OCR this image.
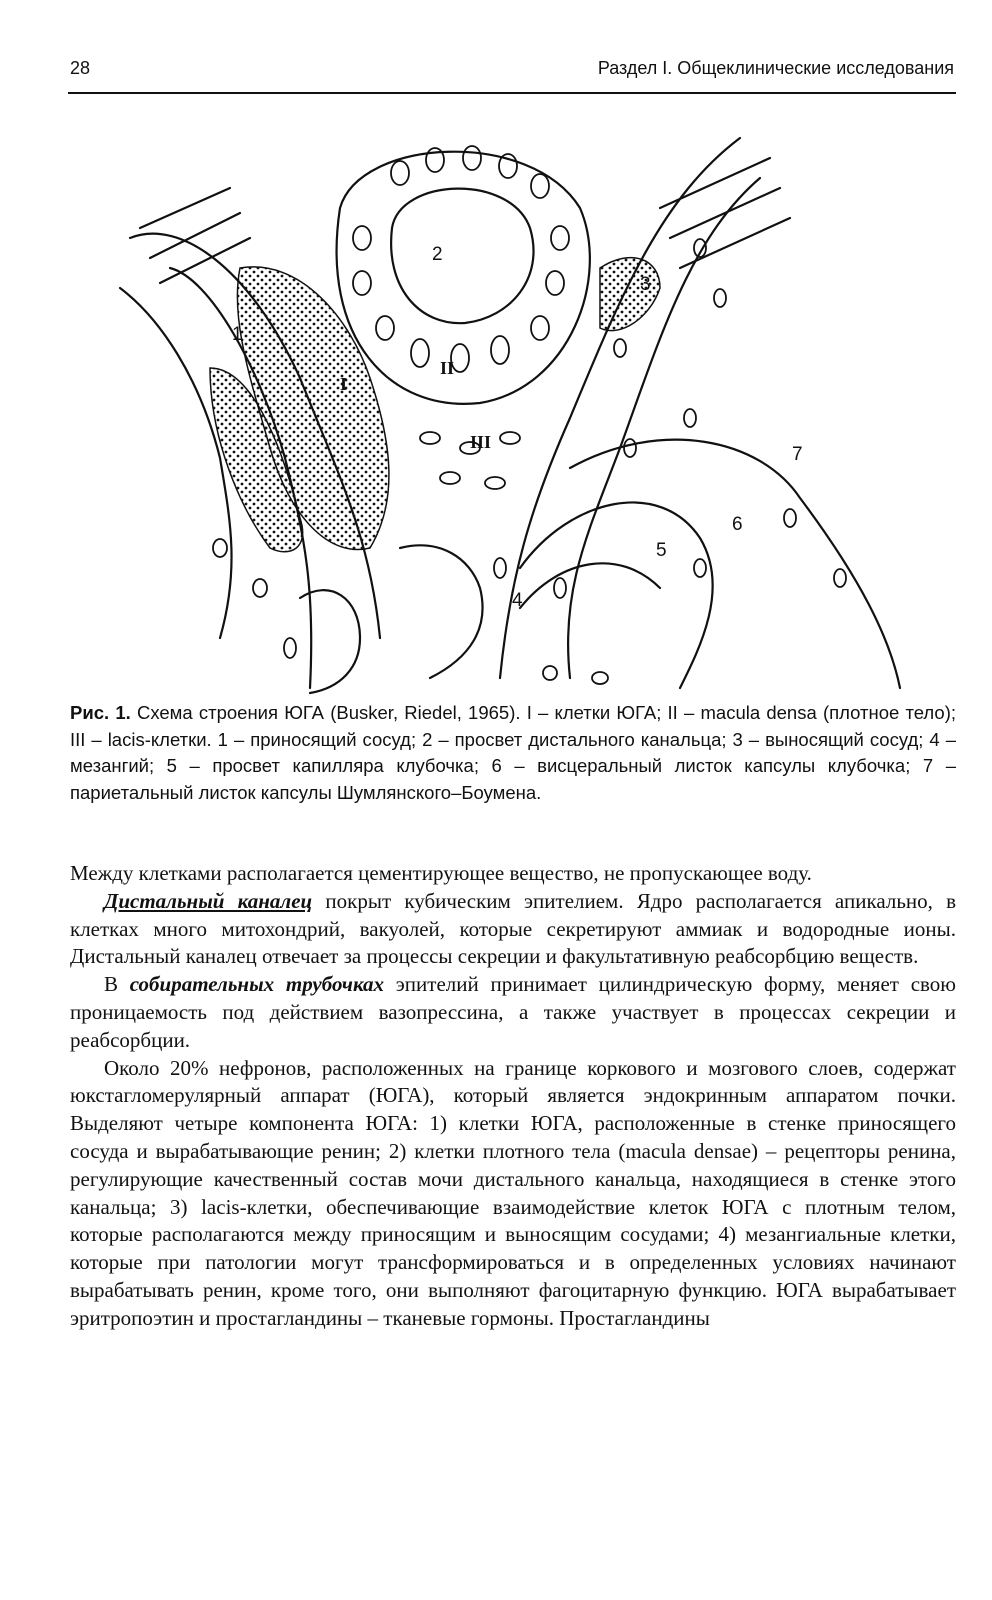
28	Раздел I. Общеклинические исследования
1
2
3
4
5
6
7
I
II
III
Рис. 1. Схема строения ЮГА (Busker, Riedel, 1965). I – клетки ЮГА; II – macula densa (плотное тело); III – lacis-клетки. 1 – приносящий сосуд; 2 – просвет дистального канальца; 3 – выносящий сосуд; 4 – мезангий; 5 – просвет капилляра клубочка; 6 – висцеральный листок капсулы клубочка; 7 – париетальный листок капсулы Шумлянского–Боумена.

Между клетками располагается цементирующее вещество, не пропускающее воду.

Дистальный каналец покрыт кубическим эпителием. Ядро располагается апикально, в клетках много митохондрий, вакуолей, которые секретируют аммиак и водородные ионы. Дистальный каналец отвечает за процессы секреции и факультативную реабсорбцию веществ.

В собирательных трубочках эпителий принимает цилиндрическую форму, меняет свою проницаемость под действием вазопрессина, а также участвует в процессах секреции и реабсорбции.

Около 20% нефронов, расположенных на границе коркового и мозгового слоев, содержат юкстагломерулярный аппарат (ЮГА), который является эндокринным аппаратом почки. Выделяют четыре компонента ЮГА: 1) клетки ЮГА, расположенные в стенке приносящего сосуда и вырабатывающие ренин; 2) клетки плотного тела (macula densae) – рецепторы ренина, регулирующие качественный состав мочи дистального канальца, находящиеся в стенке этого канальца; 3) lacis-клетки, обеспечивающие взаимодействие клеток ЮГА с плотным телом, которые располагаются между приносящим и выносящим сосудами; 4) мезангиальные клетки, которые при патологии могут трансформироваться и в определенных условиях начинают вырабатывать ренин, кроме того, они выполняют фагоцитарную функцию. ЮГА вырабатывает эритропоэтин и простагландины – тканевые гормоны. Простагландины
